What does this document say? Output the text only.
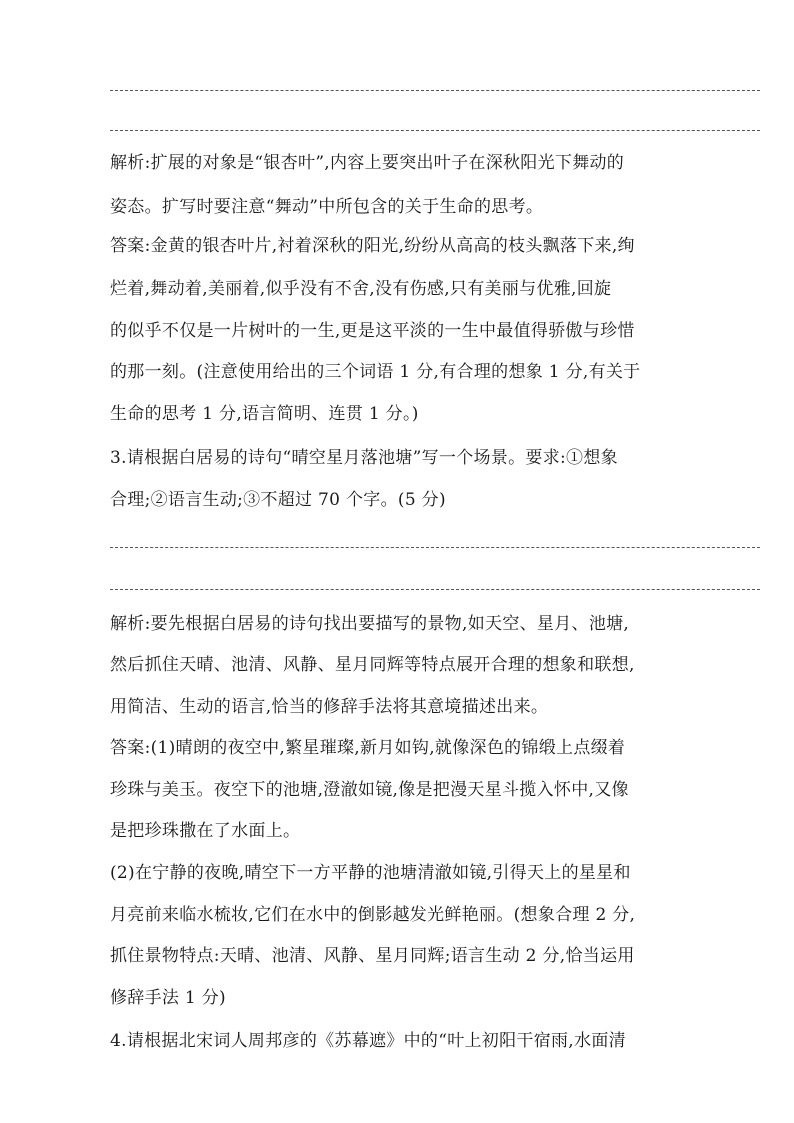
解析:扩展的对象是“银杏叶”,内容上要突出叶子在深秋阳光下舞动的
姿态。扩写时要注意“舞动”中所包含的关于生命的思考。
答案:金黄的银杏叶片,衬着深秋的阳光,纷纷从高高的枝头飘落下来,绚
烂着,舞动着,美丽着,似乎没有不舍,没有伤感,只有美丽与优雅,回旋
的似乎不仅是一片树叶的一生,更是这平淡的一生中最值得骄傲与珍惜
的那一刻。(注意使用给出的三个词语 1 分,有合理的想象 1 分,有关于
生命的思考 1 分,语言简明、连贯 1 分。)
3.请根据白居易的诗句“晴空星月落池塘”写一个场景。要求:①想象
合理;②语言生动;③不超过 70 个字。(5 分)
解析:要先根据白居易的诗句找出要描写的景物,如天空、星月、池塘,
然后抓住天晴、池清、风静、星月同辉等特点展开合理的想象和联想,
用简洁、生动的语言,恰当的修辞手法将其意境描述出来。
答案:(1)晴朗的夜空中,繁星璀璨,新月如钩,就像深色的锦缎上点缀着
珍珠与美玉。夜空下的池塘,澄澈如镜,像是把漫天星斗揽入怀中,又像
是把珍珠撒在了水面上。
(2)在宁静的夜晚,晴空下一方平静的池塘清澈如镜,引得天上的星星和
月亮前来临水梳妆,它们在水中的倒影越发光鲜艳丽。(想象合理 2 分,
抓住景物特点:天晴、池清、风静、星月同辉;语言生动 2 分,恰当运用
修辞手法 1 分)
4.请根据北宋词人周邦彦的《苏幕遮》中的“叶上初阳干宿雨,水面清
